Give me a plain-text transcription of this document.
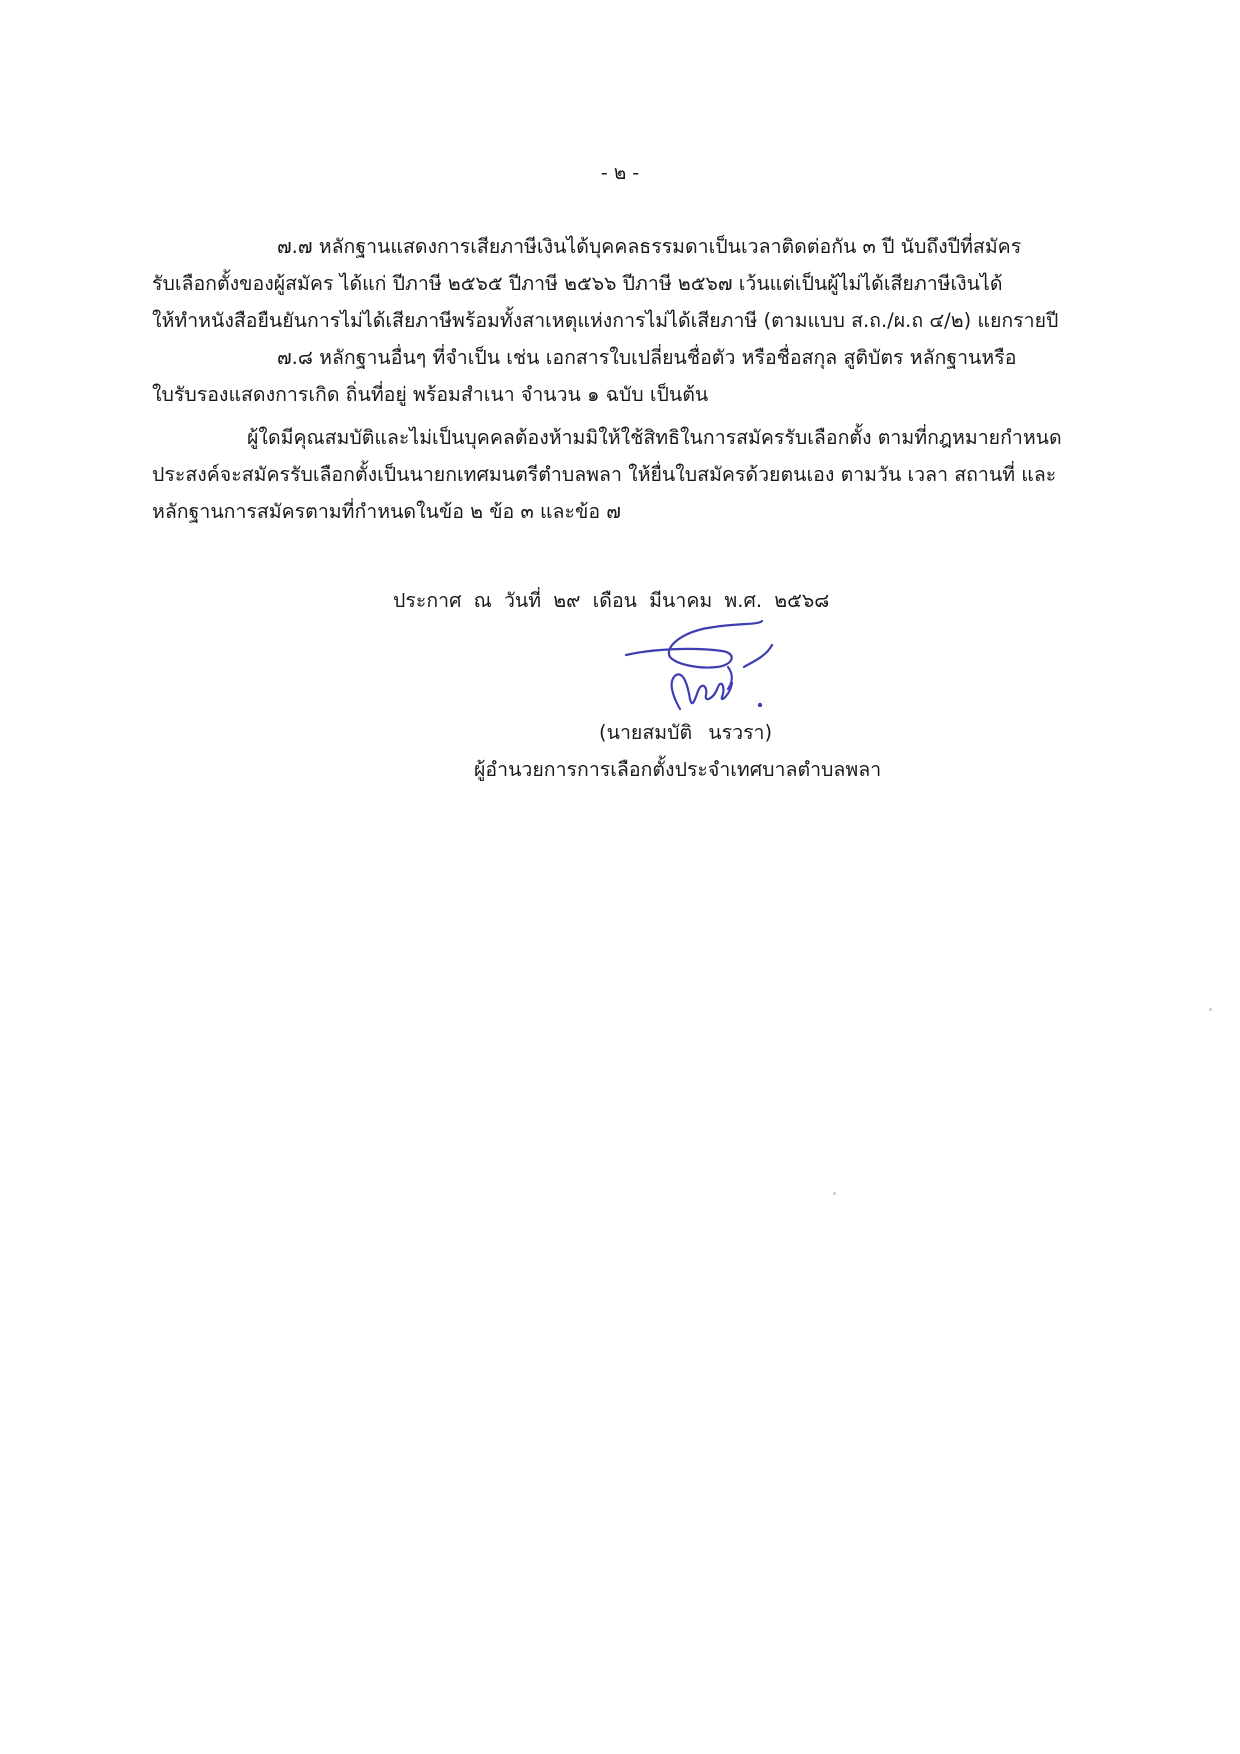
- ๒ -

๗.๗ หลักฐานแสดงการเสียภาษีเงินได้บุคคลธรรมดาเป็นเวลาติดต่อกัน ๓ ปี นับถึงปีที่สมัคร
รับเลือกตั้งของผู้สมัคร ได้แก่ ปีภาษี ๒๕๖๕ ปีภาษี ๒๕๖๖ ปีภาษี ๒๕๖๗ เว้นแต่เป็นผู้ไม่ได้เสียภาษีเงินได้
ให้ทำหนังสือยืนยันการไม่ได้เสียภาษีพร้อมทั้งสาเหตุแห่งการไม่ได้เสียภาษี (ตามแบบ ส.ถ./ผ.ถ ๔/๒) แยกรายปี

๗.๘ หลักฐานอื่นๆ ที่จำเป็น เช่น เอกสารใบเปลี่ยนชื่อตัว หรือชื่อสกุล สูติบัตร หลักฐานหรือ
ใบรับรองแสดงการเกิด ถิ่นที่อยู่ พร้อมสำเนา จำนวน ๑ ฉบับ เป็นต้น

ผู้ใดมีคุณสมบัติและไม่เป็นบุคคลต้องห้ามมิให้ใช้สิทธิในการสมัครรับเลือกตั้ง ตามที่กฎหมายกำหนด
ประสงค์จะสมัครรับเลือกตั้งเป็นนายกเทศมนตรีตำบลพลา ให้ยื่นใบสมัครด้วยตนเอง ตามวัน เวลา สถานที่ และ
หลักฐานการสมัครตามที่กำหนดในข้อ ๒ ข้อ ๓ และข้อ ๗

ประกาศ ณ วันที่ ๒๙ เดือน มีนาคม พ.ศ. ๒๕๖๘
(นายสมบัติ นรวรา)
ผู้อำนวยการการเลือกตั้งประจำเทศบาลตำบลพลา
